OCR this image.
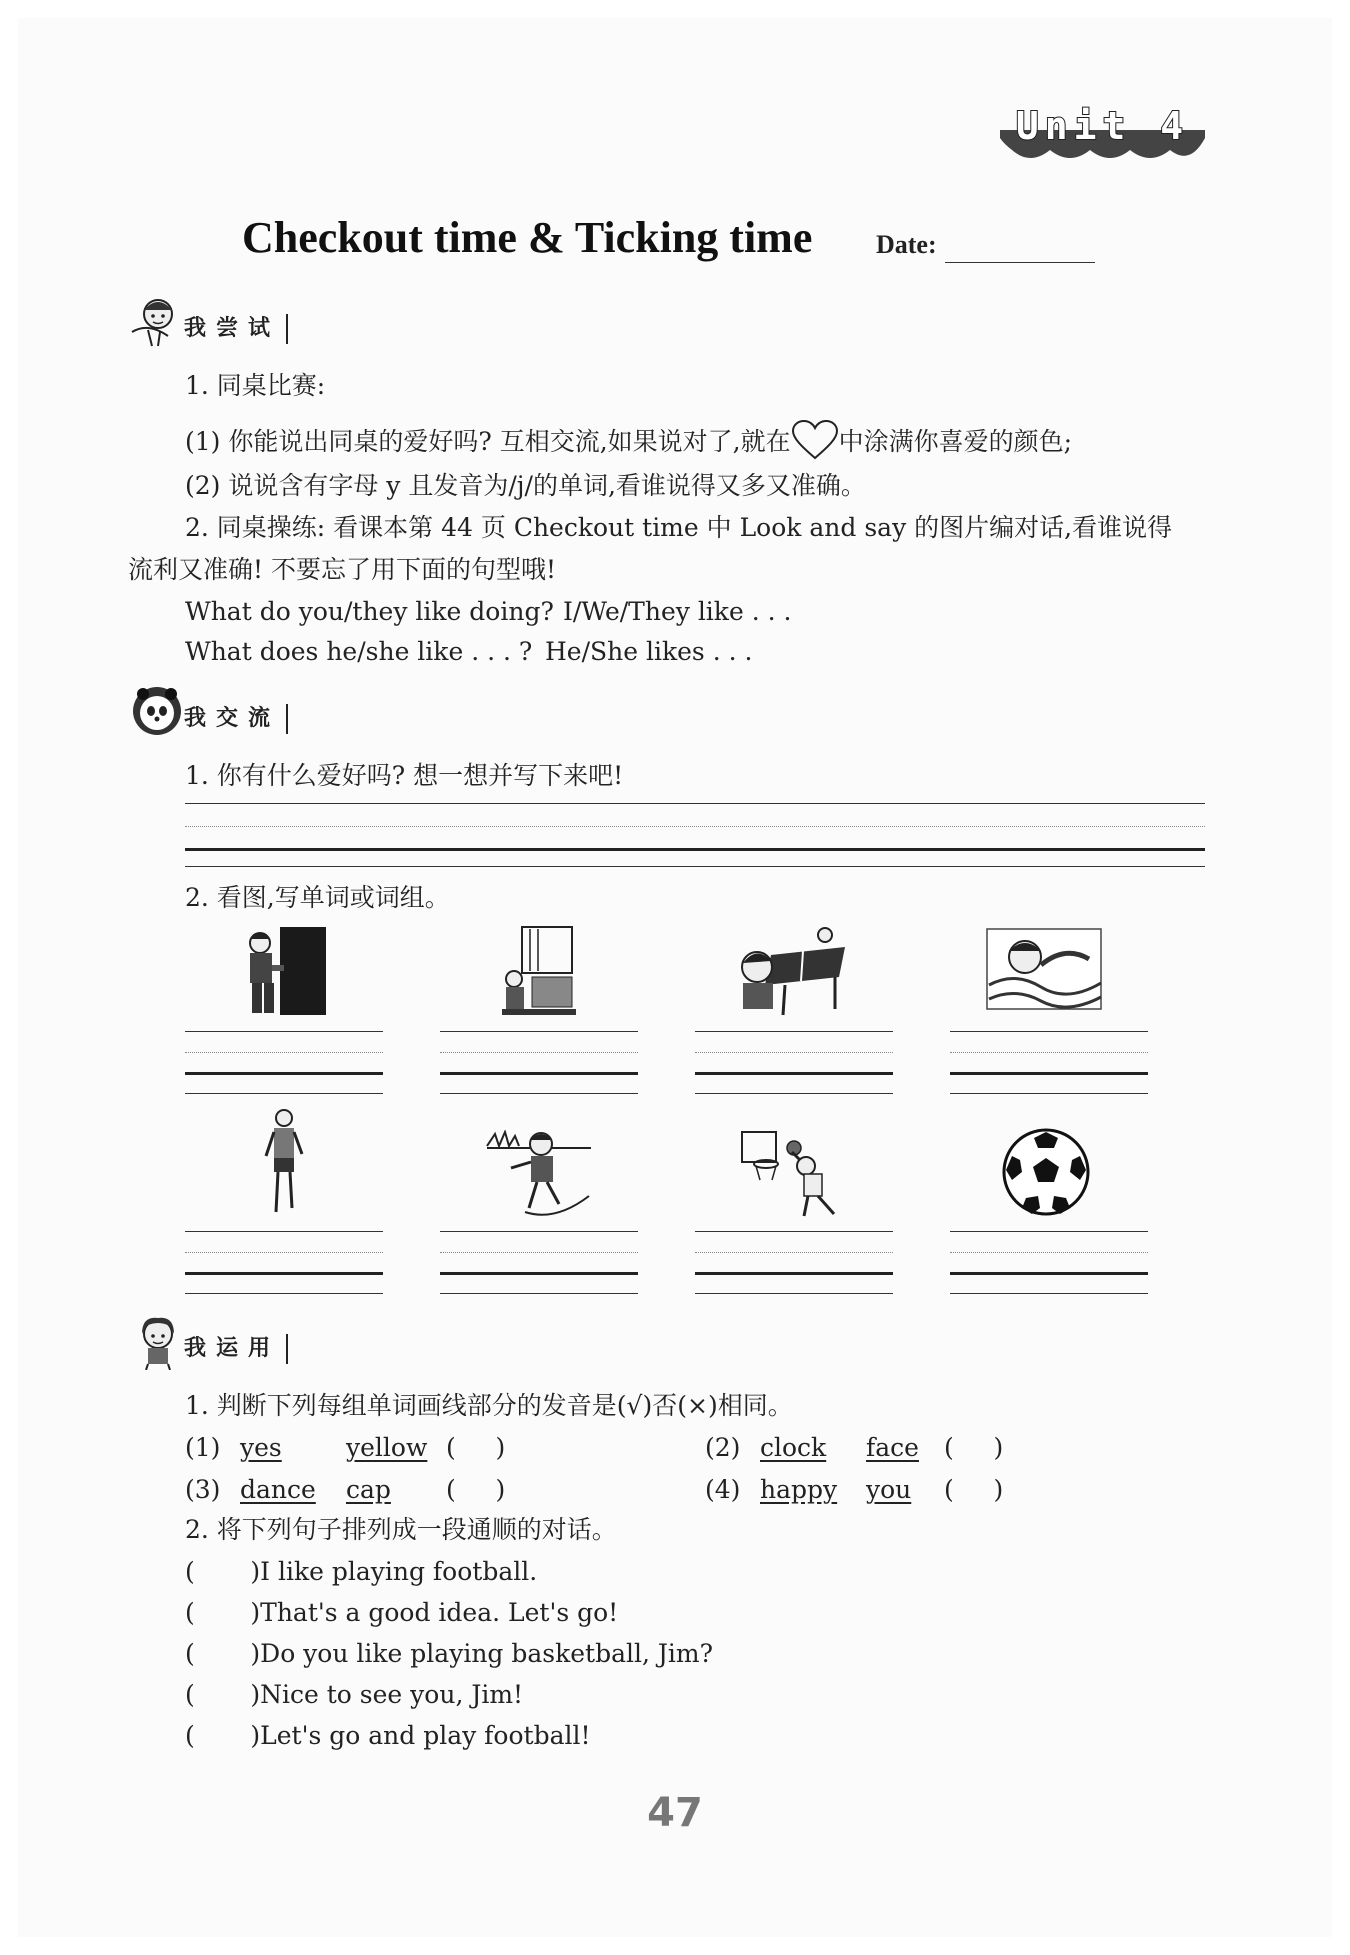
Unit 4
Checkout time & Ticking time Date:
我尝试
1. 同桌比赛:
(1) 你能说出同桌的爱好吗? 互相交流,如果说对了,就在 中涂满你喜爱的颜色;
(2) 说说含有字母 y 且发音为/j/的单词,看谁说得又多又准确。
2. 同桌操练: 看课本第 44 页 Checkout time 中 Look and say 的图片编对话,看谁说得
流利又准确! 不要忘了用下面的句型哦!
What do you/they like doing? I/We/They like . . .
What does he/she like . . . ? He/She likes . . .
我交流
1. 你有什么爱好吗? 想一想并写下来吧!
2. 看图,写单词或词组。
我运用
1. 判断下列每组单词画线部分的发音是(√)否(×)相同。
(1) yes	yellow (     )	(2) clock face (     )
(3) dance cap (     )	(4) happy you (     )
2. 将下列句子排列成一段通顺的对话。
(       )I like playing football.
(       )That's a good idea. Let's go!
(       )Do you like playing basketball, Jim?
(       )Nice to see you, Jim!
(       )Let's go and play football!
47
